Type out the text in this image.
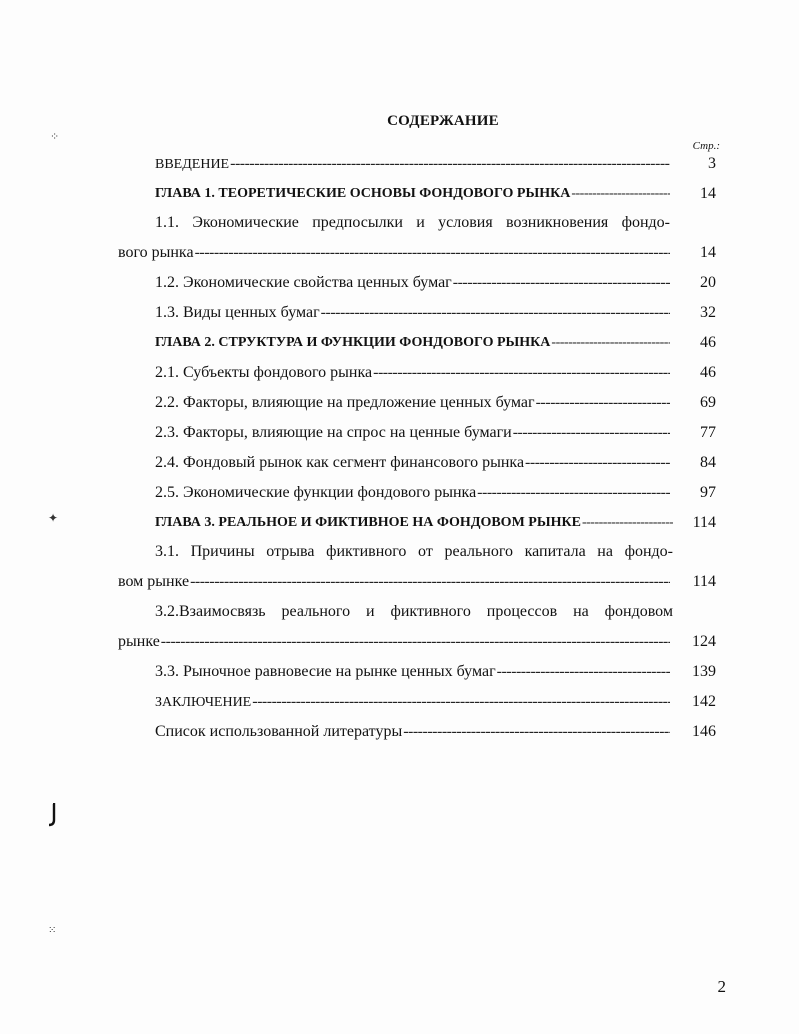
СОДЕРЖАНИЕ
Стр.:
ВВЕДЕНИЕ -----	3
ГЛАВА 1. ТЕОРЕТИЧЕСКИЕ ОСНОВЫ ФОНДОВОГО РЫНКА -----	14
1.1. Экономические предпосылки и условия возникновения фондо-
вого рынка -----	14
1.2. Экономические свойства ценных бумаг -----	20
1.3. Виды ценных бумаг -----	32
ГЛАВА 2. СТРУКТУРА И ФУНКЦИИ ФОНДОВОГО РЫНКА -----	46
2.1. Субъекты фондового рынка -----	46
2.2. Факторы, влияющие на предложение ценных бумаг -----	69
2.3. Факторы, влияющие на спрос на ценные бумаги -----	77
2.4. Фондовый рынок как сегмент финансового рынка -----	84
2.5. Экономические функции фондового рынка -----	97
ГЛАВА 3. РЕАЛЬНОЕ И ФИКТИВНОЕ НА ФОНДОВОМ РЫНКЕ -----	114
3.1. Причины отрыва фиктивного от реального капитала на фондо-
вом рынке -----	114
3.2.Взаимосвязь реального и фиктивного процессов на фондовом
рынке -----	124
3.3. Рыночное равновесие на рынке ценных бумаг -----	139
ЗАКЛЮЧЕНИЕ -----	142
Список использованной литературы -----	146
⁘
✦
⁙
2
